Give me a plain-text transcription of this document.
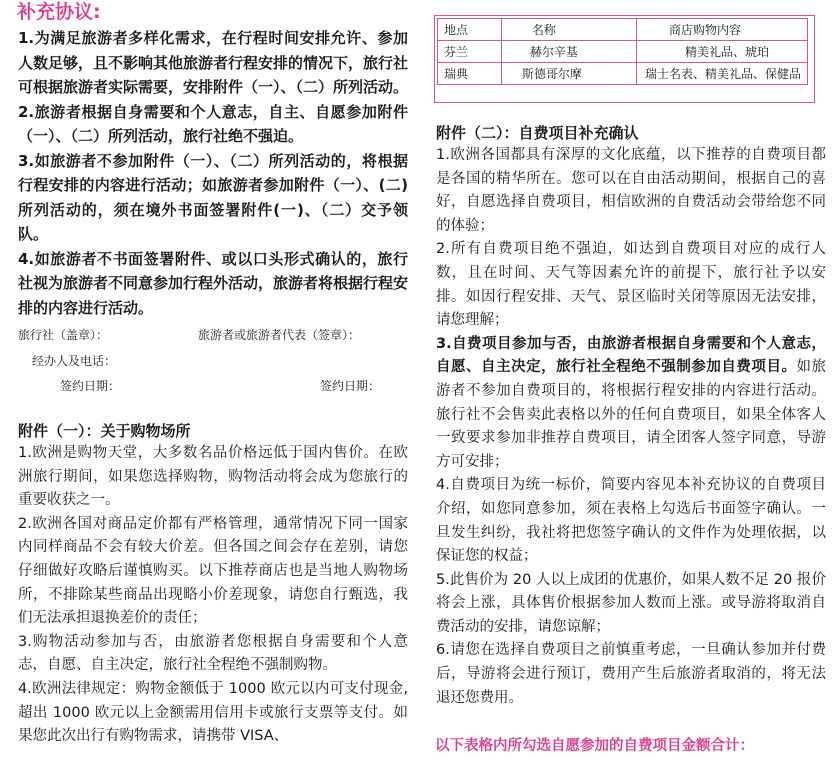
补充协议:

1.为满足旅游者多样化需求，在行程时间安排允许、参加人数足够，且不影响其他旅游者行程安排的情况下，旅行社可根据旅游者实际需要，安排附件（一）、（二）所列活动。

2.旅游者根据自身需要和个人意志，自主、自愿参加附件（一）、（二）所列活动，旅行社绝不强迫。

3.如旅游者不参加附件（一）、（二）所列活动的，将根据行程安排的内容进行活动；如旅游者参加附件（一）、(二)所列活动的，须在境外书面签署附件(一)、（二）交予领队。

4.如旅游者不书面签署附件、或以口头形式确认的，旅行社视为旅游者不同意参加行程外活动，旅游者将根据行程安排的内容进行活动。

旅行社（盖章）：	旅游者或旅游者代表（签章）：
经办人及电话：
签约日期：	签约日期：
附件（一）：关于购物场所

1.欧洲是购物天堂，大多数名品价格远低于国内售价。在欧洲旅行期间，如果您选择购物，购物活动将会成为您旅行的重要收获之一。

2.欧洲各国对商品定价都有严格管理，通常情况下同一国家内同样商品不会有较大价差。但各国之间会存在差别，请您仔细做好攻略后谨慎购买。以下推荐商店也是当地人购物场所，不排除某些商品出现略小价差现象，请您自行甄选，我们无法承担退换差价的责任；

3.购物活动参加与否，由旅游者您根据自身需要和个人意志，自愿、自主决定，旅行社全程绝不强制购物。

4.欧洲法律规定：购物金额低于 1000 欧元以内可支付现金,超出 1000 欧元以上金额需用信用卡或旅行支票等支付。如果您此次出行有购物需求，请携带 VISA、

地点	名称	商店购物内容
芬兰	赫尔辛基	精美礼品、琥珀
瑞典	斯德哥尔摩	瑞士名表、精美礼品、保健品
附件（二）：自费项目补充确认

1.欧洲各国都具有深厚的文化底蕴，以下推荐的自费项目都是各国的精华所在。您可以在自由活动期间，根据自己的喜好，自愿选择自费项目，相信欧洲的自费活动会带给您不同的体验；

2.所有自费项目绝不强迫，如达到自费项目对应的成行人数，且在时间、天气等因素允许的前提下，旅行社予以安排。如因行程安排、天气、景区临时关闭等原因无法安排，请您理解；

3.自费项目参加与否，由旅游者根据自身需要和个人意志，自愿、自主决定，旅行社全程绝不强制参加自费项目。如旅游者不参加自费项目的，将根据行程安排的内容进行活动。旅行社不会售卖此表格以外的任何自费项目，如果全体客人一致要求参加非推荐自费项目，请全团客人签字同意，导游方可安排；

4.自费项目为统一标价，简要内容见本补充协议的自费项目介绍，如您同意参加，须在表格上勾选后书面签字确认。一旦发生纠纷，我社将把您签字确认的文件作为处理依据，以保证您的权益；

5.此售价为 20 人以上成团的优惠价，如果人数不足 20 报价将会上涨，具体售价根据参加人数而上涨。或导游将取消自费活动的安排，请您谅解；

6.请您在选择自费项目之前慎重考虑，一旦确认参加并付费后，导游将会进行预订，费用产生后旅游者取消的，将无法退还您费用。

以下表格内所勾选自愿参加的自费项目金额合计：
